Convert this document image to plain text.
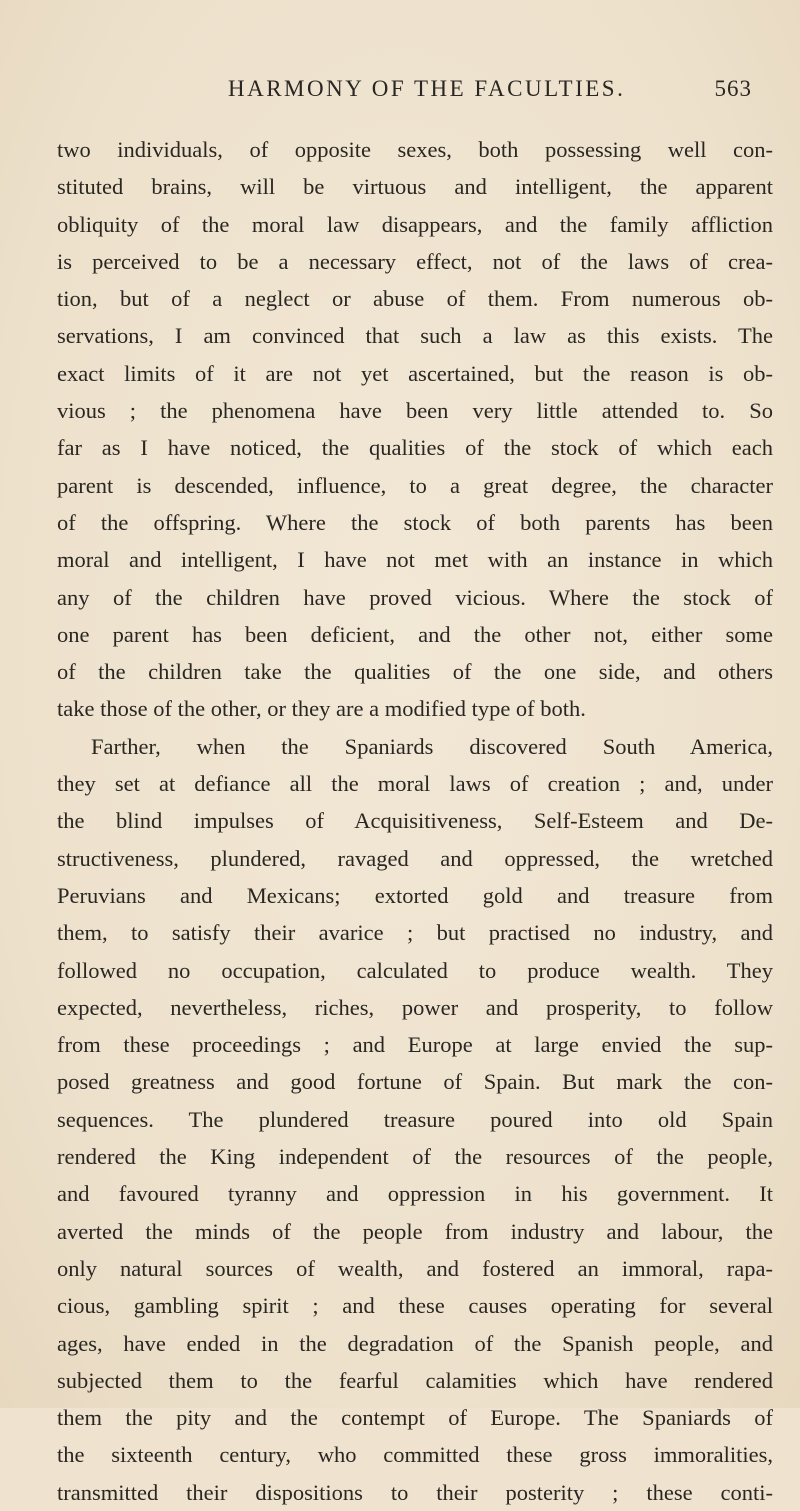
HARMONY OF THE FACULTIES.	563
two individuals, of opposite sexes, both possessing well con-
stituted brains, will be virtuous and intelligent, the apparent
obliquity of the moral law disappears, and the family affliction
is perceived to be a necessary effect, not of the laws of crea-
tion, but of a neglect or abuse of them. From numerous ob-
servations, I am convinced that such a law as this exists. The
exact limits of it are not yet ascertained, but the reason is ob-
vious ; the phenomena have been very little attended to. So
far as I have noticed, the qualities of the stock of which each
parent is descended, influence, to a great degree, the character
of the offspring. Where the stock of both parents has been
moral and intelligent, I have not met with an instance in which
any of the children have proved vicious. Where the stock of
one parent has been deficient, and the other not, either some
of the children take the qualities of the one side, and others
take those of the other, or they are a modified type of both.
Farther, when the Spaniards discovered South America,
they set at defiance all the moral laws of creation ; and, under
the blind impulses of Acquisitiveness, Self-Esteem and De-
structiveness, plundered, ravaged and oppressed, the wretched
Peruvians and Mexicans; extorted gold and treasure from
them, to satisfy their avarice ; but practised no industry, and
followed no occupation, calculated to produce wealth. They
expected, nevertheless, riches, power and prosperity, to follow
from these proceedings ; and Europe at large envied the sup-
posed greatness and good fortune of Spain. But mark the con-
sequences. The plundered treasure poured into old Spain
rendered the King independent of the resources of the people,
and favoured tyranny and oppression in his government. It
averted the minds of the people from industry and labour, the
only natural sources of wealth, and fostered an immoral, rapa-
cious, gambling spirit ; and these causes operating for several
ages, have ended in the degradation of the Spanish people, and
subjected them to the fearful calamities which have rendered
them the pity and the contempt of Europe. The Spaniards of
the sixteenth century, who committed these gross immoralities,
transmitted their dispositions to their posterity ; these conti-
